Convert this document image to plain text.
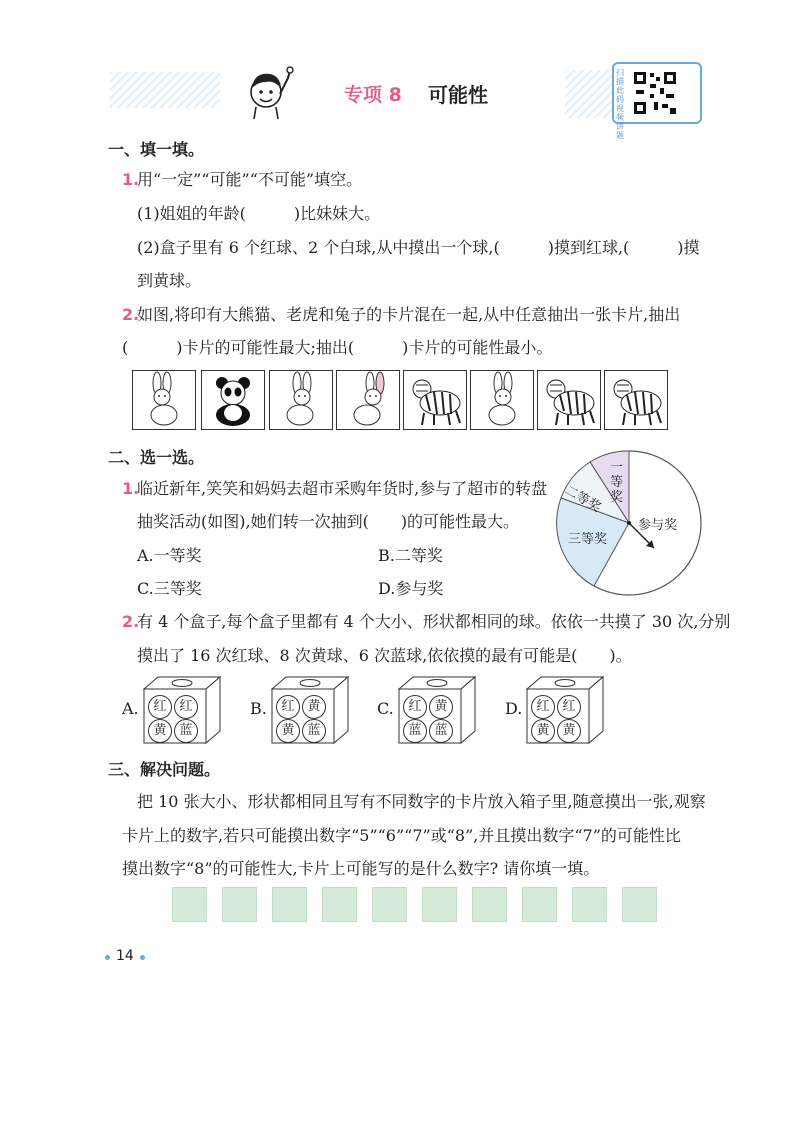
专项 8 可能性
扫描此码 视频讲题
一、填一填。
1.
用“一定”“可能”“不可能”填空。
(1)姐姐的年龄(　　　)比妹妹大。
(2)盒子里有 6 个红球、2 个白球,从中摸出一个球,(　　　)摸到红球,(　　　)摸
到黄球。
2.
如图,将印有大熊猫、老虎和兔子的卡片混在一起,从中任意抽出一张卡片,抽出
(　　　)卡片的可能性最大;抽出(　　　)卡片的可能性最小。
二、选一选。
1.
临近新年,笑笑和妈妈去超市采购年货时,参与了超市的转盘
抽奖活动(如图),她们转一次抽到(　　)的可能性最大。
A.一等奖	B.二等奖
C.三等奖	D.参与奖
一等奖
二等奖
三等奖
参与奖
2.
有 4 个盒子,每个盒子里都有 4 个大小、形状都相同的球。依依一共摸了 30 次,分别
摸出了 16 次红球、8 次黄球、6 次蓝球,依依摸的最有可能是(　　)。
A.	红 红
黄 蓝
B.	红 黄
黄 蓝
C.	红 黄
蓝 蓝
D.	红 红
黄 黄
三、解决问题。
把 10 张大小、形状都相同且写有不同数字的卡片放入箱子里,随意摸出一张,观察
卡片上的数字,若只可能摸出数字“5”“6”“7”或“8”,并且摸出数字“7”的可能性比
摸出数字“8”的可能性大,卡片上可能写的是什么数字? 请你填一填。
14
